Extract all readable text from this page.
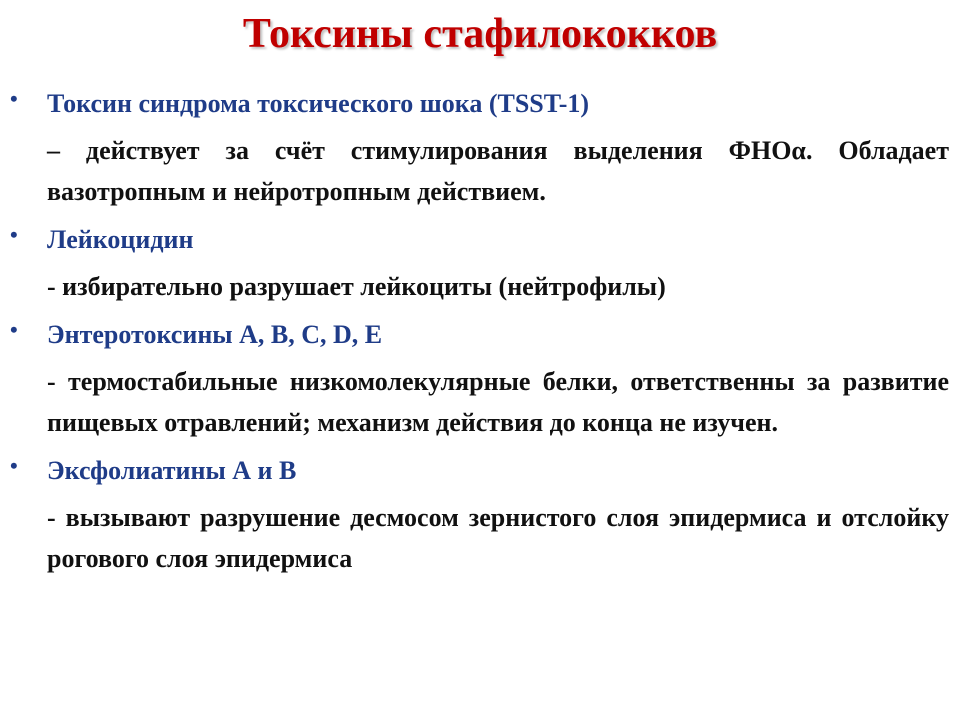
Токсины стафилококков
• Токсин синдрома токсического шока (TSST-1)

– действует за счёт стимулирования выделения ФНОα. Обладает вазотропным и нейротропным действием.

• Лейкоцидин

- избирательно разрушает лейкоциты (нейтрофилы)

• Энтеротоксины A, B, C, D, E

- термостабильные низкомолекулярные белки, ответственны за развитие пищевых отравлений; механизм действия до конца не изучен.

• Эксфолиатины А и В

- вызывают разрушение десмосом зернистого слоя эпидермиса и отслойку рогового слоя эпидермиса
